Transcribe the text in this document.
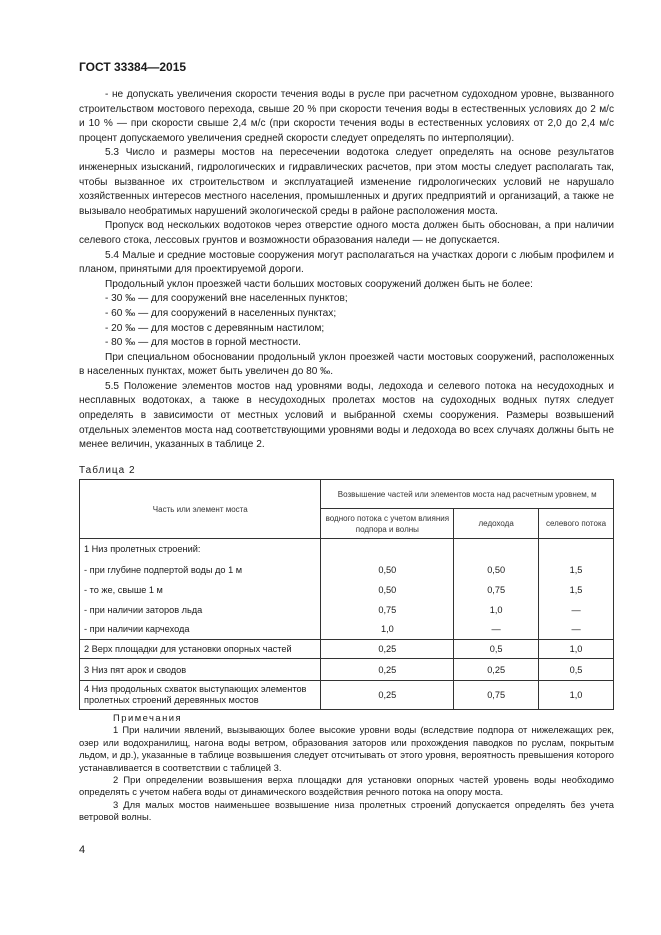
ГОСТ 33384—2015

- не допускать увеличения скорости течения воды в русле при расчетном судоходном уровне, вызванного строительством мостового перехода, свыше 20 % при скорости течения воды в естественных условиях до 2 м/с и 10 % — при скорости свыше 2,4 м/с (при скорости течения воды в естественных условиях от 2,0 до 2,4 м/с процент допускаемого увеличения средней скорости следует определять по интерполяции).

5.3 Число и размеры мостов на пересечении водотока следует определять на основе результатов инженерных изысканий, гидрологических и гидравлических расчетов, при этом мосты следует располагать так, чтобы вызванное их строительством и эксплуатацией изменение гидрологических условий не нарушало хозяйственных интересов местного населения, промышленных и других предприятий и организаций, а также не вызывало необратимых нарушений экологической среды в районе расположения моста.

Пропуск вод нескольких водотоков через отверстие одного моста должен быть обоснован, а при наличии селевого стока, лессовых грунтов и возможности образования наледи — не допускается.

5.4 Малые и средние мостовые сооружения могут располагаться на участках дороги с любым профилем и планом, принятыми для проектируемой дороги.

Продольный уклон проезжей части больших мостовых сооружений должен быть не более:

- 30 ‰ — для сооружений вне населенных пунктов;

- 60 ‰ — для сооружений в населенных пунктах;

- 20 ‰ — для мостов с деревянным настилом;

- 80 ‰ — для мостов в горной местности.

При специальном обосновании продольный уклон проезжей части мостовых сооружений, расположенных в населенных пунктах, может быть увеличен до 80 ‰.

5.5 Положение элементов мостов над уровнями воды, ледохода и селевого потока на несудоходных и несплавных водотоках, а также в несудоходных пролетах мостов на судоходных водных путях следует определять в зависимости от местных условий и выбранной схемы сооружения. Размеры возвышений отдельных элементов моста над соответствующими уровнями воды и ледохода во всех случаях должны быть не менее величин, указанных в таблице 2.

Таблица 2
Часть или элемент моста	Возвышение частей или элементов моста над расчетным уровнем, м		
	водного потока с учетом влияния подпора и волны	ледохода	селевого потока
1 Низ пролетных строений:			
- при глубине подпертой воды до 1 м	0,50	0,50	1,5
- то же, свыше 1 м	0,50	0,75	1,5
- при наличии заторов льда	0,75	1,0	—
- при наличии карчехода	1,0	—	—
2 Верх площадки для установки опорных частей	0,25	0,5	1,0
3 Низ пят арок и сводов	0,25	0,25	0,5
4 Низ продольных схваток выступающих элементов пролетных строений деревянных мостов	0,25	0,75	1,0

Примечания

1 При наличии явлений, вызывающих более высокие уровни воды (вследствие подпора от нижележащих рек, озер или водохранилищ, нагона воды ветром, образования заторов или прохождения паводков по руслам, покрытым льдом, и др.), указанные в таблице возвышения следует отсчитывать от этого уровня, вероятность превышения которого устанавливается в соответствии с таблицей 3.

2 При определении возвышения верха площадки для установки опорных частей уровень воды необходимо определять с учетом набега воды от динамического воздействия речного потока на опору моста.

3 Для малых мостов наименьшее возвышение низа пролетных строений допускается определять без учета ветровой волны.

4
